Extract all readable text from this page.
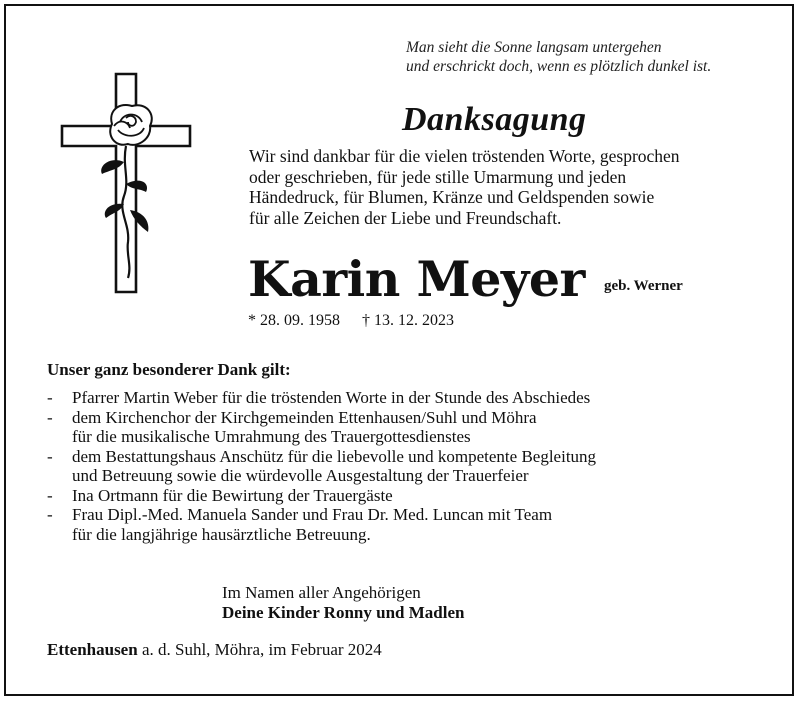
Man sieht die Sonne langsam untergehen
und erschrickt doch, wenn es plötzlich dunkel ist.
Danksagung
Wir sind dankbar für die vielen tröstenden Worte, gesprochen
oder geschrieben, für jede stille Umarmung und jeden
Händedruck, für Blumen, Kränze und Geldspenden sowie
für alle Zeichen der Liebe und Freundschaft.
Karin Meyer geb. Werner
* 28. 09. 1958 † 13. 12. 2023
Unser ganz besonderer Dank gilt:
- Pfarrer Martin Weber für die tröstenden Worte in der Stunde des Abschiedes
- dem Kirchenchor der Kirchgemeinden Ettenhausen/Suhl und Möhra
für die musikalische Umrahmung des Trauergottesdienstes
- dem Bestattungshaus Anschütz für die liebevolle und kompetente Begleitung
und Betreuung sowie die würdevolle Ausgestaltung der Trauerfeier
- Ina Ortmann für die Bewirtung der Trauergäste
- Frau Dipl.-Med. Manuela Sander und Frau Dr. Med. Luncan mit Team
für die langjährige hausärztliche Betreuung.
Im Namen aller Angehörigen
Deine Kinder Ronny und Madlen
Ettenhausen a. d. Suhl, Möhra, im Februar 2024
